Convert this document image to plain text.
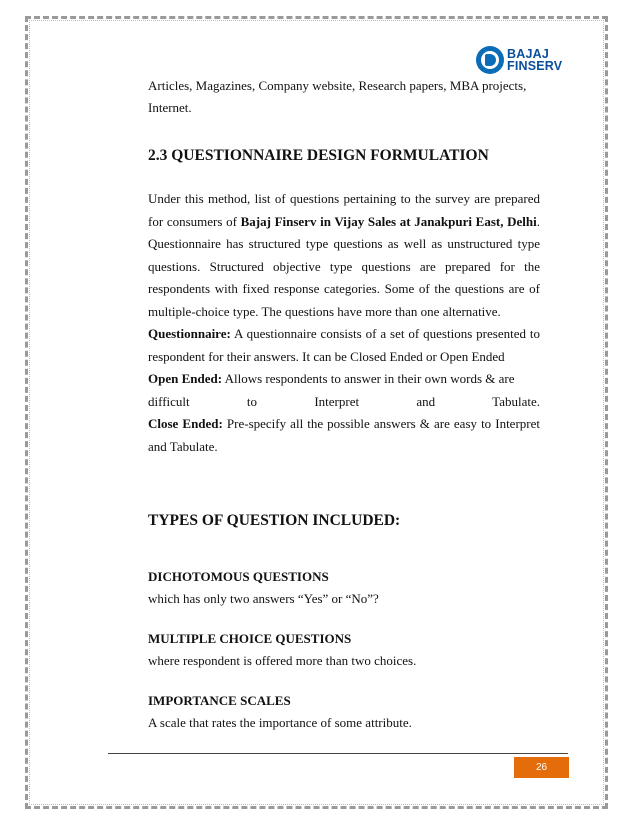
BAJAJ
FINSERV

Articles, Magazines, Company website, Research papers, MBA projects,

Internet.

2.3 QUESTIONNAIRE DESIGN FORMULATION

Under this method, list of questions pertaining to the survey are prepared for consumers of Bajaj Finserv in Vijay Sales at Janakpuri East, Delhi. Questionnaire has structured type questions as well as unstructured type questions. Structured objective type questions are prepared for the respondents with fixed response categories. Some of the questions are of multiple-choice type. The questions have more than one alternative.

Questionnaire: A questionnaire consists of a set of questions presented to respondent for their answers. It can be Closed Ended or Open Ended

Open Ended: Allows respondents to answer in their own words & are

difficult to Interpret and Tabulate.

Close Ended: Pre-specify all the possible answers & are easy to Interpret and Tabulate.

TYPES OF QUESTION INCLUDED:

DICHOTOMOUS QUESTIONS

which has only two answers “Yes” or “No”?

MULTIPLE CHOICE QUESTIONS

where respondent is offered more than two choices.

IMPORTANCE SCALES

A scale that rates the importance of some attribute.

26
